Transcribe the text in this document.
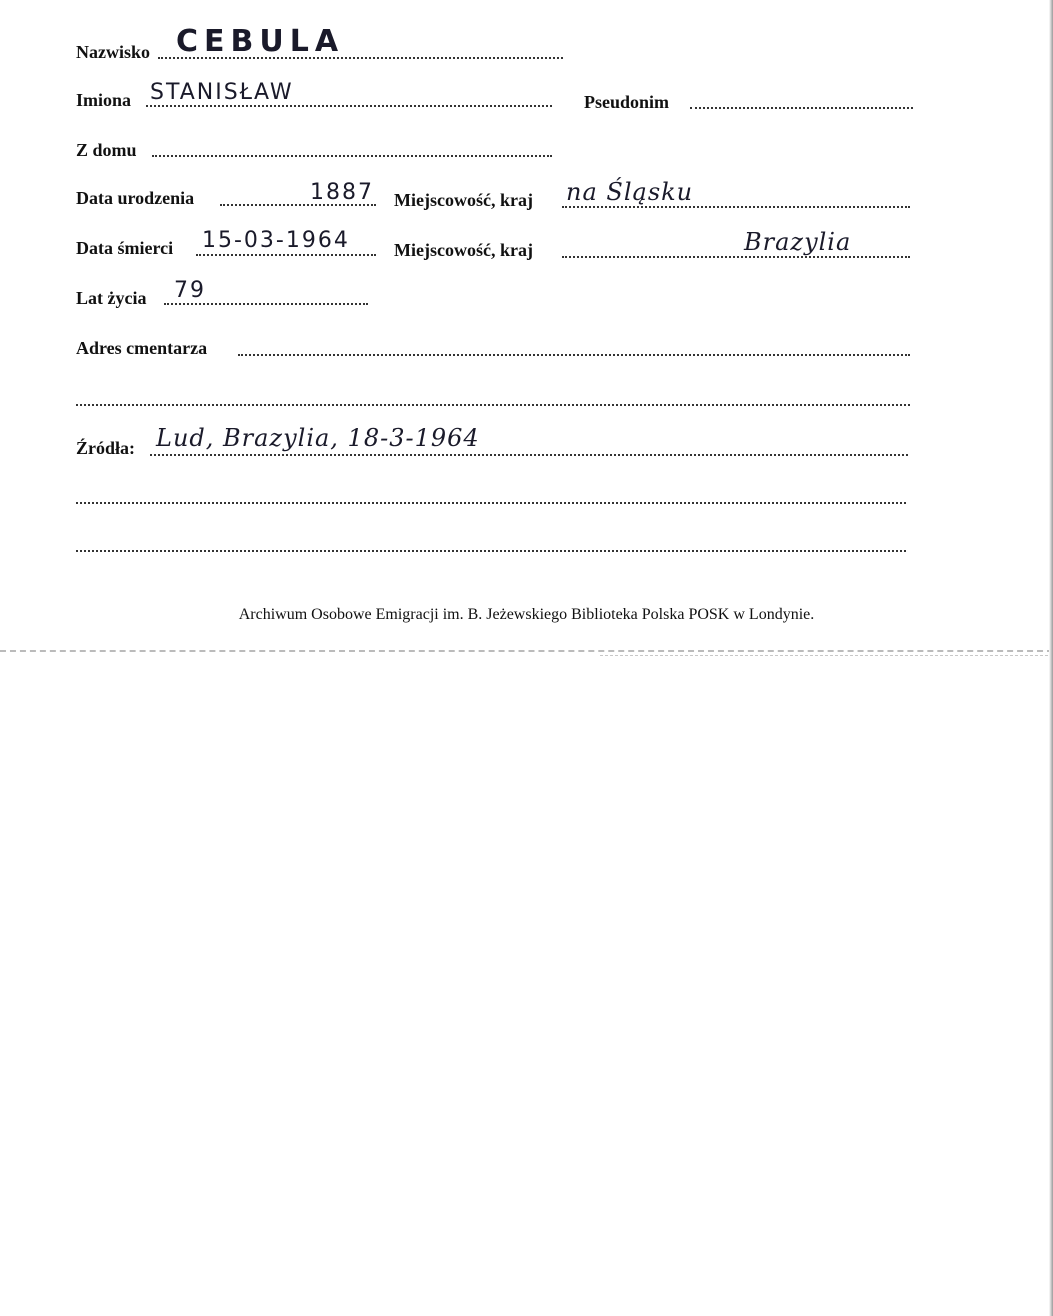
Nazwisko CEBULA
Imiona STANISŁAW	Pseudonim
Z domu
Data urodzenia	1887 Miejscowość, kraj na Śląsku
Data śmierci 15-03-1964 Miejscowość, kraj	Brazylia
Lat życia 79
Adres cmentarza
Źródła: Lud, Brazylia, 18-3-1964
Archiwum Osobowe Emigracji im. B. Jeżewskiego Biblioteka Polska POSK w Londynie.
